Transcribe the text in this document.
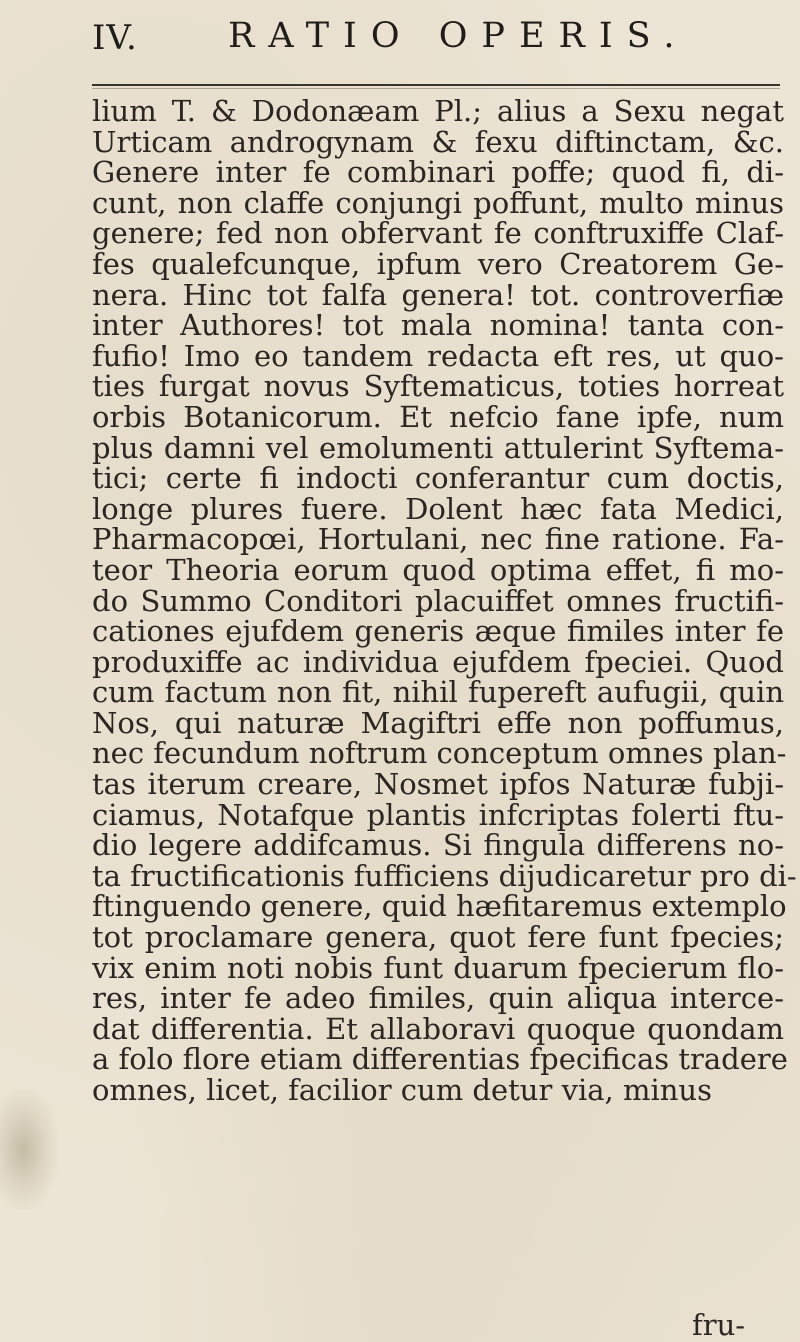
IV.	RATIO OPERIS.
lium T. & Dodonæam Pl.; alius a Sexu negat
Urticam androgynam & fexu diftinctam, &c.
Genere inter fe combinari poffe; quod fi, di-
cunt, non claffe conjungi poffunt, multo minus
genere; fed non obfervant fe conftruxiffe Claf-
fes qualefcunque, ipfum vero Creatorem Ge-
nera. Hinc tot falfa genera! tot. controverfiæ
inter Authores! tot mala nomina! tanta con-
fufio! Imo eo tandem redacta eft res, ut quo-
ties furgat novus Syftematicus, toties horreat
orbis Botanicorum. Et nefcio fane ipfe, num
plus damni vel emolumenti attulerint Syftema-
tici; certe fi indocti conferantur cum doctis,
longe plures fuere. Dolent hæc fata Medici,
Pharmacopœi, Hortulani, nec fine ratione. Fa-
teor Theoria eorum quod optima effet, fi mo-
do Summo Conditori placuiffet omnes fructifi-
cationes ejufdem generis æque fimiles inter fe
produxiffe ac individua ejufdem fpeciei. Quod
cum factum non fit, nihil fupereft aufugii, quin
Nos, qui naturæ Magiftri effe non poffumus,
nec fecundum noftrum conceptum omnes plan-
tas iterum creare, Nosmet ipfos Naturæ fubji-
ciamus, Notafque plantis infcriptas folerti ftu-
dio legere addifcamus. Si fingula differens no-
ta fructificationis fufficiens dijudicaretur pro di-
ftinguendo genere, quid hæfitaremus extemplo
tot proclamare genera, quot fere funt fpecies;
vix enim noti nobis funt duarum fpecierum flo-
res, inter fe adeo fimiles, quin aliqua interce-
dat differentia. Et allaboravi quoque quondam
a folo flore etiam differentias fpecificas tradere
omnes, licet, facilior cum detur via, minus
fru-
